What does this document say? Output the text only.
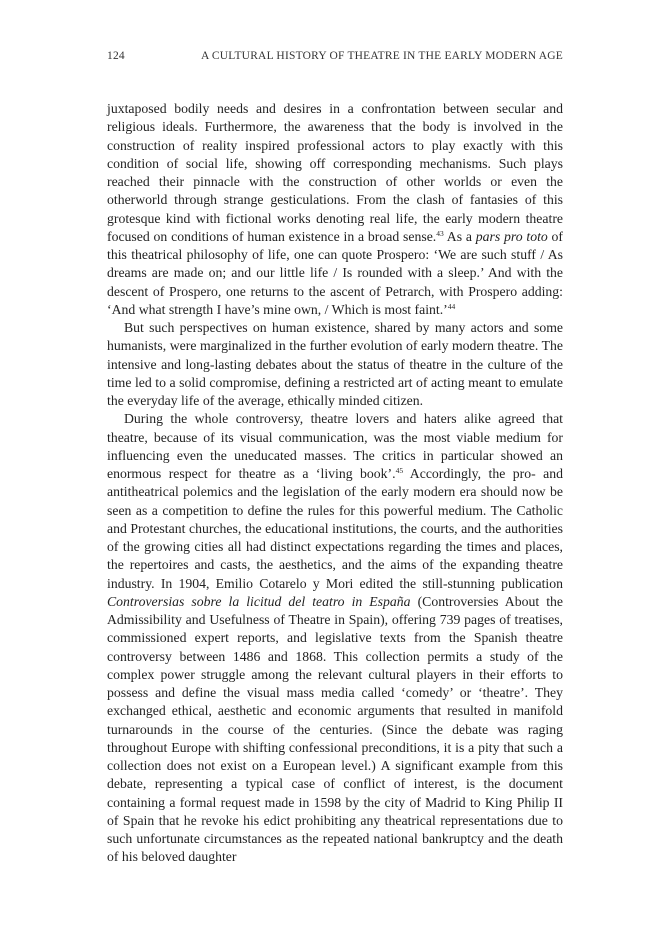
124	A CULTURAL HISTORY OF THEATRE IN THE EARLY MODERN AGE

juxtaposed bodily needs and desires in a confrontation between secular and religious ideals. Furthermore, the awareness that the body is involved in the construction of reality inspired professional actors to play exactly with this condition of social life, showing off corresponding mechanisms. Such plays reached their pinnacle with the construction of other worlds or even the otherworld through strange gesticulations. From the clash of fantasies of this grotesque kind with fictional works denoting real life, the early modern theatre focused on conditions of human existence in a broad sense.$^{43}$ As a pars pro toto of this theatrical philosophy of life, one can quote Prospero: ‘We are such stuff / As dreams are made on; and our little life / Is rounded with a sleep.’ And with the descent of Prospero, one returns to the ascent of Petrarch, with Prospero adding: ‘And what strength I have’s mine own, / Which is most faint.’$^{44}$

But such perspectives on human existence, shared by many actors and some humanists, were marginalized in the further evolution of early modern theatre. The intensive and long-lasting debates about the status of theatre in the culture of the time led to a solid compromise, defining a restricted art of acting meant to emulate the everyday life of the average, ethically minded citizen.

During the whole controversy, theatre lovers and haters alike agreed that theatre, because of its visual communication, was the most viable medium for influencing even the uneducated masses. The critics in particular showed an enormous respect for theatre as a ‘living book’.$^{45}$ Accordingly, the pro- and antitheatrical polemics and the legislation of the early modern era should now be seen as a competition to define the rules for this powerful medium. The Catholic and Protestant churches, the educational institutions, the courts, and the authorities of the growing cities all had distinct expectations regarding the times and places, the repertoires and casts, the aesthetics, and the aims of the expanding theatre industry. In 1904, Emilio Cotarelo y Mori edited the still-stunning publication Controversias sobre la licitud del teatro in España (Controversies About the Admissibility and Usefulness of Theatre in Spain), offering 739 pages of treatises, commissioned expert reports, and legislative texts from the Spanish theatre controversy between 1486 and 1868. This collection permits a study of the complex power struggle among the relevant cultural players in their efforts to possess and define the visual mass media called ‘comedy’ or ‘theatre’. They exchanged ethical, aesthetic and economic arguments that resulted in manifold turnarounds in the course of the centuries. (Since the debate was raging throughout Europe with shifting confessional preconditions, it is a pity that such a collection does not exist on a European level.) A significant example from this debate, representing a typical case of conflict of interest, is the document containing a formal request made in 1598 by the city of Madrid to King Philip II of Spain that he revoke his edict prohibiting any theatrical representations due to such unfortunate circumstances as the repeated national bankruptcy and the death of his beloved daughter
